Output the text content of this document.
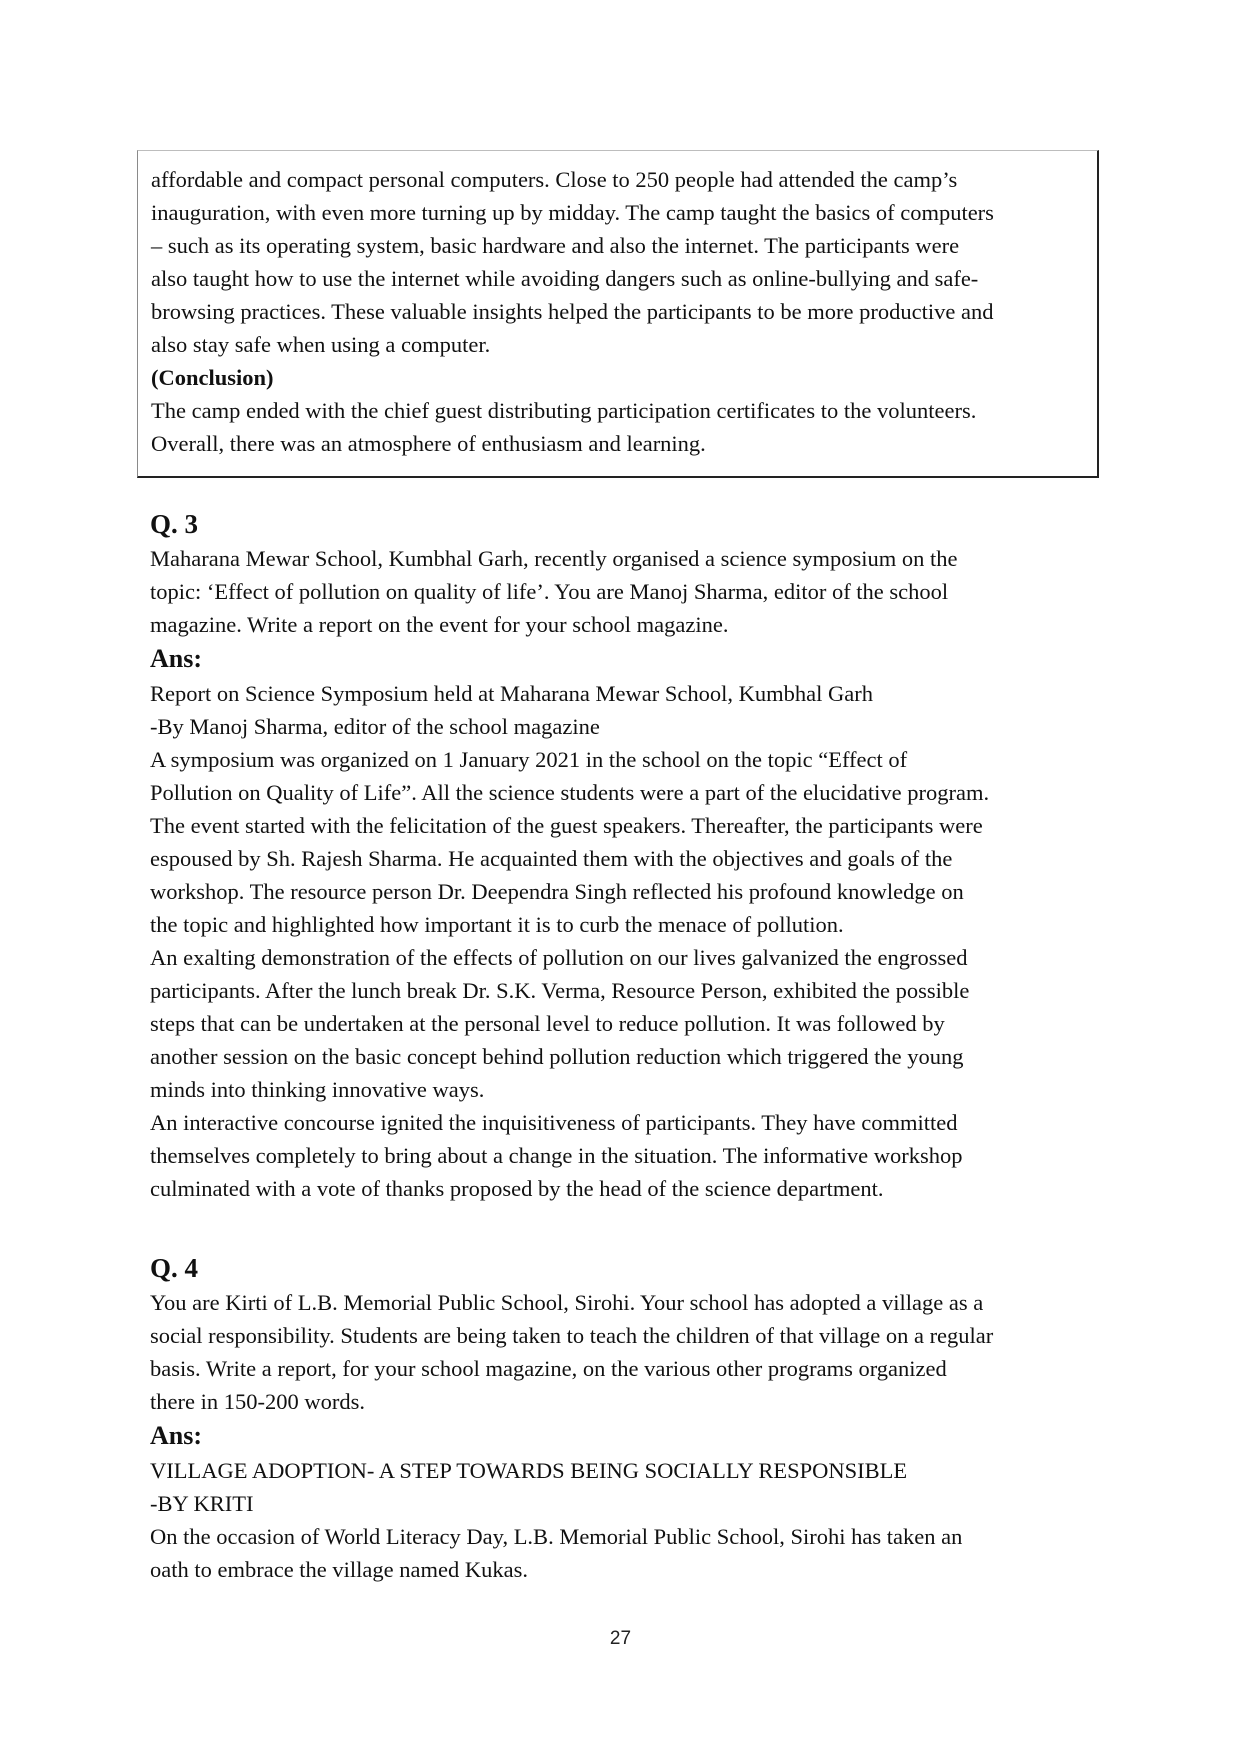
affordable and compact personal computers. Close to 250 people had attended the camp’s
inauguration, with even more turning up by midday. The camp taught the basics of computers
– such as its operating system, basic hardware and also the internet. The participants were
also taught how to use the internet while avoiding dangers such as online-bullying and safe-
browsing practices. These valuable insights helped the participants to be more productive and
also stay safe when using a computer.
(Conclusion)
The camp ended with the chief guest distributing participation certificates to the volunteers.
Overall, there was an atmosphere of enthusiasm and learning.
Q. 3
Maharana Mewar School, Kumbhal Garh, recently organised a science symposium on the
topic: ‘Effect of pollution on quality of life’. You are Manoj Sharma, editor of the school
magazine. Write a report on the event for your school magazine.
Ans:
Report on Science Symposium held at Maharana Mewar School, Kumbhal Garh
-By Manoj Sharma, editor of the school magazine
A symposium was organized on 1 January 2021 in the school on the topic “Effect of
Pollution on Quality of Life”. All the science students were a part of the elucidative program.
The event started with the felicitation of the guest speakers. Thereafter, the participants were
espoused by Sh. Rajesh Sharma. He acquainted them with the objectives and goals of the
workshop. The resource person Dr. Deependra Singh reflected his profound knowledge on
the topic and highlighted how important it is to curb the menace of pollution.
An exalting demonstration of the effects of pollution on our lives galvanized the engrossed
participants. After the lunch break Dr. S.K. Verma, Resource Person, exhibited the possible
steps that can be undertaken at the personal level to reduce pollution. It was followed by
another session on the basic concept behind pollution reduction which triggered the young
minds into thinking innovative ways.
An interactive concourse ignited the inquisitiveness of participants. They have committed
themselves completely to bring about a change in the situation. The informative workshop
culminated with a vote of thanks proposed by the head of the science department.
Q. 4
You are Kirti of L.B. Memorial Public School, Sirohi. Your school has adopted a village as a
social responsibility. Students are being taken to teach the children of that village on a regular
basis. Write a report, for your school magazine, on the various other programs organized
there in 150-200 words.
Ans:
VILLAGE ADOPTION- A STEP TOWARDS BEING SOCIALLY RESPONSIBLE
-BY KRITI
On the occasion of World Literacy Day, L.B. Memorial Public School, Sirohi has taken an
oath to embrace the village named Kukas.
27
